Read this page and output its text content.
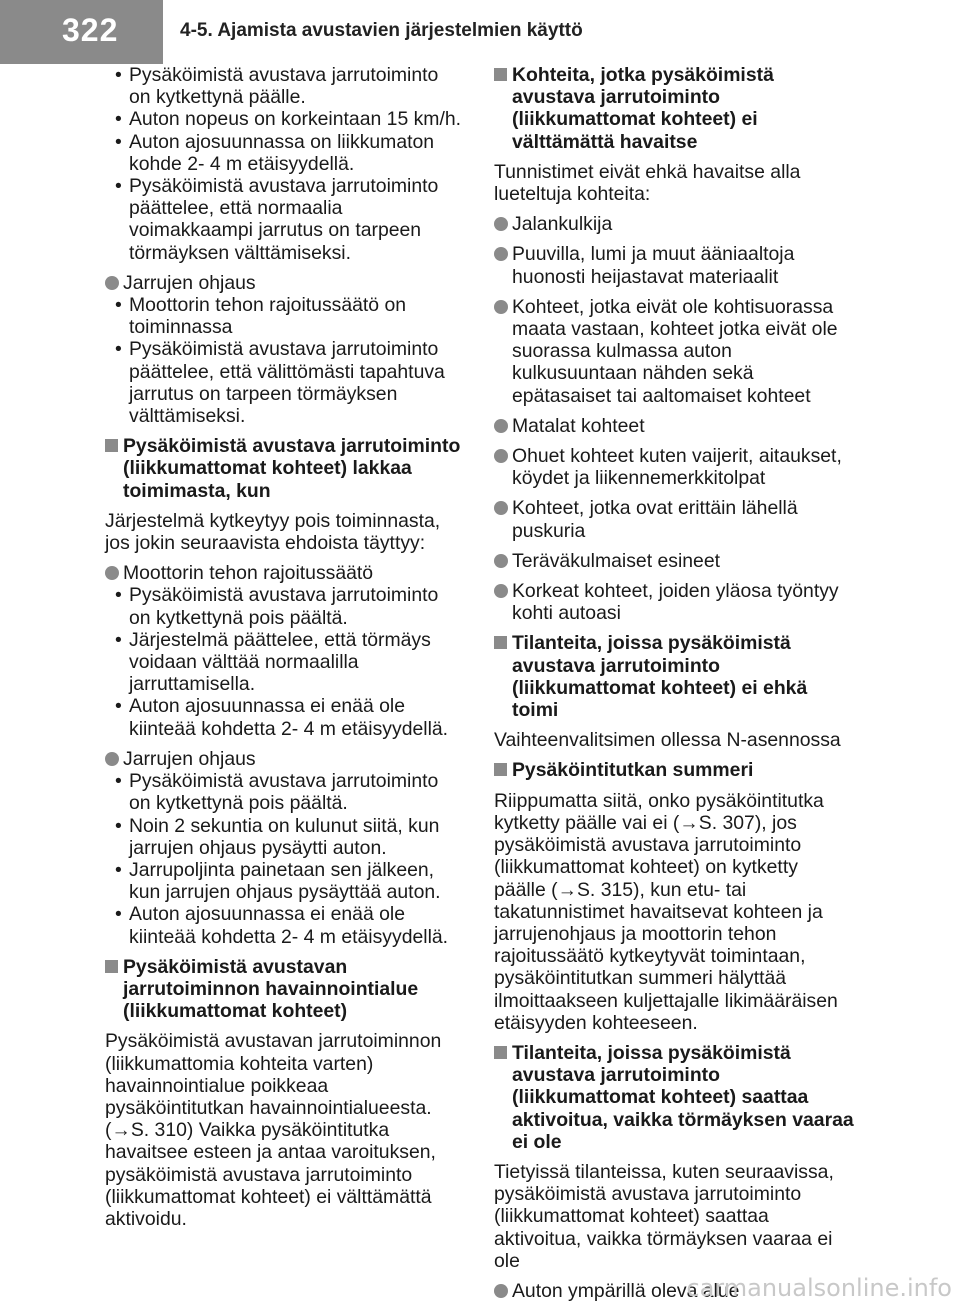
322	4-5. Ajamista avustavien järjestelmien käyttö
• Pysäköimistä avustava jarrutoiminto on kytkettynä päälle.
• Auton nopeus on korkeintaan 15 km/h.
• Auton ajosuunnassa on liikkumaton kohde 2- 4 m etäisyydellä.
• Pysäköimistä avustava jarrutoiminto päättelee, että normaalia voimakkaampi jarrutus on tarpeen törmäyksen välttämiseksi.
Jarrujen ohjaus
• Moottorin tehon rajoitussäätö on toiminnassa
• Pysäköimistä avustava jarrutoiminto päättelee, että välittömästi tapahtuva jarrutus on tarpeen törmäyksen välttämiseksi.
Pysäköimistä avustava jarrutoiminto (liikkumattomat kohteet) lakkaa toimimasta, kun
Järjestelmä kytkeytyy pois toiminnasta, jos jokin seuraavista ehdoista täyttyy:
Moottorin tehon rajoitussäätö
• Pysäköimistä avustava jarrutoiminto on kytkettynä pois päältä.
• Järjestelmä päättelee, että törmäys voidaan välttää normaalilla jarruttamisella.
• Auton ajosuunnassa ei enää ole kiinteää kohdetta 2- 4 m etäisyydellä.
Jarrujen ohjaus
• Pysäköimistä avustava jarrutoiminto on kytkettynä pois päältä.
• Noin 2 sekuntia on kulunut siitä, kun jarrujen ohjaus pysäytti auton.
• Jarrupoljinta painetaan sen jälkeen, kun jarrujen ohjaus pysäyttää auton.
• Auton ajosuunnassa ei enää ole kiinteää kohdetta 2- 4 m etäisyydellä.
Pysäköimistä avustavan jarrutoiminnon havainnointialue (liikkumattomat kohteet)
Pysäköimistä avustavan jarrutoiminnon (liikkumattomia kohteita varten) havainnointialue poikkeaa pysäköintitutkan havainnointialueesta. (→S. 310) Vaikka pysäköintitutka havaitsee esteen ja antaa varoituksen, pysäköimistä avustava jarrutoiminto (liikkumattomat kohteet) ei välttämättä aktivoidu.
Kohteita, jotka pysäköimistä avustava jarrutoiminto (liikkumattomat kohteet) ei välttämättä havaitse
Tunnistimet eivät ehkä havaitse alla lueteltuja kohteita:
Jalankulkija
Puuvilla, lumi ja muut ääniaaltoja huonosti heijastavat materiaalit
Kohteet, jotka eivät ole kohtisuorassa maata vastaan, kohteet jotka eivät ole suorassa kulmassa auton kulkusuuntaan nähden sekä epätasaiset tai aaltomaiset kohteet
Matalat kohteet
Ohuet kohteet kuten vaijerit, aitaukset, köydet ja liikennemerkkitolpat
Kohteet, jotka ovat erittäin lähellä puskuria
Teräväkulmaiset esineet
Korkeat kohteet, joiden yläosa työntyy kohti autoasi
Tilanteita, joissa pysäköimistä avustava jarrutoiminto (liikkumattomat kohteet) ei ehkä toimi
Vaihteenvalitsimen ollessa N-asennossa
Pysäköintitutkan summeri
Riippumatta siitä, onko pysäköintitutka kytketty päälle vai ei (→S. 307), jos pysäköimistä avustava jarrutoiminto (liikkumattomat kohteet) on kytketty päälle (→S. 315), kun etu- tai takatunnistimet havaitsevat kohteen ja jarrujenohjaus ja moottorin tehon rajoitussäätö kytkeytyvät toimintaan, pysäköintitutkan summeri hälyttää ilmoittaakseen kuljettajalle likimääräisen etäisyyden kohteeseen.
Tilanteita, joissa pysäköimistä avustava jarrutoiminto (liikkumattomat kohteet) saattaa aktivoitua, vaikka törmäyksen vaaraa ei ole
Tietyissä tilanteissa, kuten seuraavissa, pysäköimistä avustava jarrutoiminto (liikkumattomat kohteet) saattaa aktivoitua, vaikka törmäyksen vaaraa ei ole
Auton ympärillä oleva alue
carmanualsonline.info
